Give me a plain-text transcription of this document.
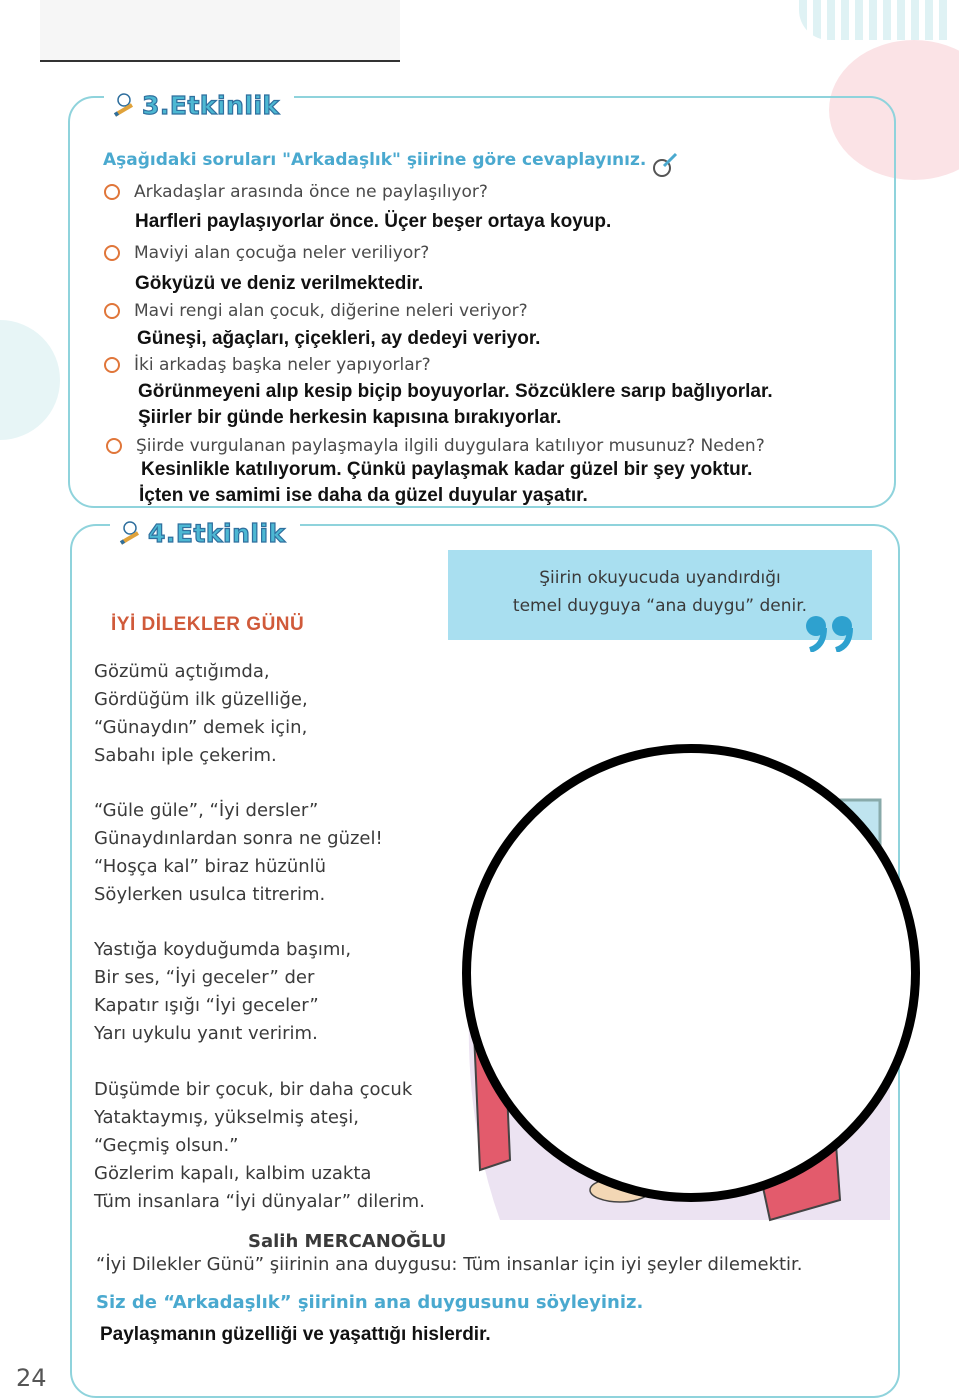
3.Etkinlik
Aşağıdaki soruları "Arkadaşlık" şiirine göre cevaplayınız.
Arkadaşlar arasında önce ne paylaşılıyor?
Harfleri paylaşıyorlar önce. Üçer beşer ortaya koyup.
Maviyi alan çocuğa neler veriliyor?
Gökyüzü ve deniz verilmektedir.
Mavi rengi alan çocuk, diğerine neleri veriyor?
Güneşi, ağaçları, çiçekleri, ay dedeyi veriyor.
İki arkadaş başka neler yapıyorlar?
Görünmeyeni alıp kesip biçip boyuyorlar. Sözcüklere sarıp bağlıyorlar.
Şiirler bir günde herkesin kapısına bırakıyorlar.
Şiirde vurgulanan paylaşmayla ilgili duygulara katılıyor musunuz? Neden?
Kesinlikle katılıyorum. Çünkü paylaşmak kadar güzel bir şey yoktur.
İçten ve samimi ise daha da güzel duyular yaşatır.
4.Etkinlik
Şiirin okuyucuda uyandırdığı
temel duyguya “ana duygu” denir.
İYİ DİLEKLER GÜNÜ
Gözümü açtığımda,
Gördüğüm ilk güzelliğe,
“Günaydın” demek için,
Sabahı iple çekerim.
“Güle güle”, “İyi dersler”
Günaydınlardan sonra ne güzel!
“Hoşça kal” biraz hüzünlü
Söylerken usulca titrerim.
Yastığa koyduğumda başımı,
Bir ses, “İyi geceler” der
Kapatır ışığı “İyi geceler”
Yarı uykulu yanıt veririm.
Düşümde bir çocuk, bir daha çocuk
Yataktaymış, yükselmiş ateşi,
“Geçmiş olsun.”
Gözlerim kapalı, kalbim uzakta
Tüm insanlara “İyi dünyalar” dilerim.
Salih MERCANOĞLU
“İyi Dilekler Günü” şiirinin ana duygusu: Tüm insanlar için iyi şeyler dilemektir.
Siz de “Arkadaşlık” şiirinin ana duygusunu söyleyiniz.
Paylaşmanın güzelliği ve yaşattığı hislerdir.
24
